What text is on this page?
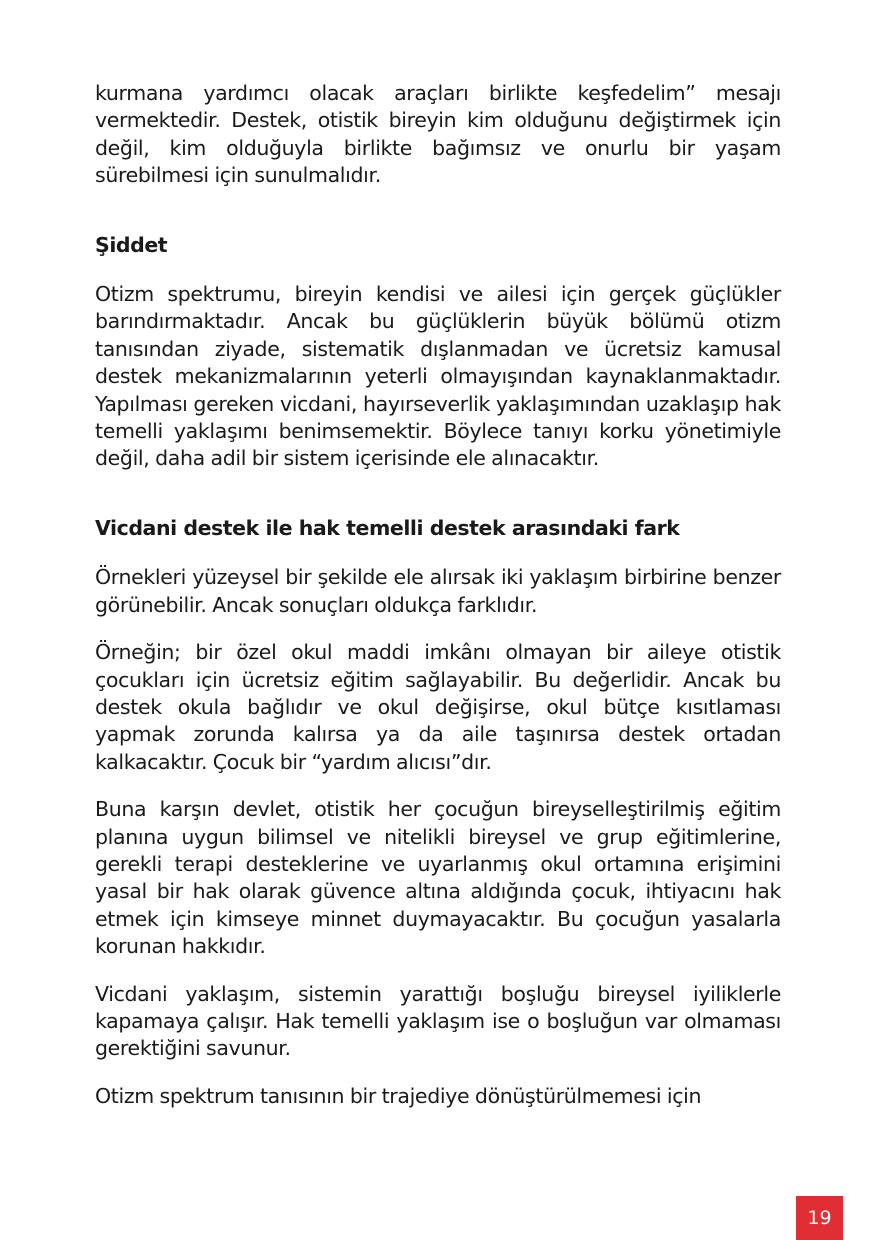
kurmana yardımcı olacak araçları birlikte keşfedelim” mesajı vermektedir. Destek, otistik bireyin kim olduğunu değiştirmek için değil, kim olduğuyla birlikte bağımsız ve onurlu bir yaşam sürebilmesi için sunulmalıdır.

Şiddet

Otizm spektrumu, bireyin kendisi ve ailesi için gerçek güçlükler barındırmaktadır. Ancak bu güçlüklerin büyük bölümü otizm tanısından ziyade, sistematik dışlanmadan ve ücretsiz kamusal destek mekanizmalarının yeterli olmayışından kaynaklanmaktadır. Yapılması gereken vicdani, hayırseverlik yaklaşımından uzaklaşıp hak temelli yaklaşımı benimsemektir. Böylece tanıyı korku yönetimiyle değil, daha adil bir sistem içerisinde ele alınacaktır.

Vicdani destek ile hak temelli destek arasındaki fark

Örnekleri yüzeysel bir şekilde ele alırsak iki yaklaşım birbirine benzer görünebilir. Ancak sonuçları oldukça farklıdır.

Örneğin; bir özel okul maddi imkânı olmayan bir aileye otistik çocukları için ücretsiz eğitim sağlayabilir. Bu değerlidir. Ancak bu destek okula bağlıdır ve okul değişirse, okul bütçe kısıtlaması yapmak zorunda kalırsa ya da aile taşınırsa destek ortadan kalkacaktır. Çocuk bir “yardım alıcısı”dır.

Buna karşın devlet, otistik her çocuğun bireyselleştirilmiş eğitim planına uygun bilimsel ve nitelikli bireysel ve grup eğitimlerine, gerekli terapi desteklerine ve uyarlanmış okul ortamına erişimini yasal bir hak olarak güvence altına aldığında çocuk, ihtiyacını hak etmek için kimseye minnet duymayacaktır. Bu çocuğun yasalarla korunan hakkıdır.

Vicdani yaklaşım, sistemin yarattığı boşluğu bireysel iyiliklerle kapamaya çalışır. Hak temelli yaklaşım ise o boşluğun var olmaması gerektiğini savunur.

Otizm spektrum tanısının bir trajediye dönüştürülmemesi için

19
